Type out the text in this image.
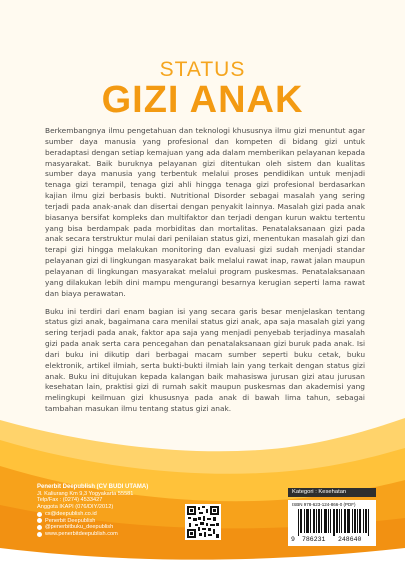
STATUS
GIZI ANAK

Berkembangnya ilmu pengetahuan dan teknologi khususnya ilmu gizi menuntut agar sumber daya manusia yang profesional dan kompeten di bidang gizi untuk beradaptasi dengan setiap kemajuan yang ada dalam memberikan pelayanan kepada masyarakat. Baik buruknya pelayanan gizi ditentukan oleh sistem dan kualitas sumber daya manusia yang terbentuk melalui proses pendidikan untuk menjadi tenaga gizi terampil, tenaga gizi ahli hingga tenaga gizi profesional berdasarkan kajian ilmu gizi berbasis bukti. Nutritional Disorder sebagai masalah yang sering terjadi pada anak-anak dan disertai dengan penyakit lainnya. Masalah gizi pada anak biasanya bersifat kompleks dan multifaktor dan terjadi dengan kurun waktu tertentu yang bisa berdampak pada morbiditas dan mortalitas. Penatalaksanaan gizi pada anak secara terstruktur mulai dari penilaian status gizi, menentukan masalah gizi dan terapi gizi hingga melakukan monitoring dan evaluasi gizi sudah menjadi standar pelayanan gizi di lingkungan masyarakat baik melalui rawat inap, rawat jalan maupun pelayanan di lingkungan masyarakat melalui program puskesmas. Penatalaksanaan yang dilakukan lebih dini mampu mengurangi besarnya kerugian seperti lama rawat dan biaya perawatan.

Buku ini terdiri dari enam bagian isi yang secara garis besar menjelaskan tentang status gizi anak, bagaimana cara menilai status gizi anak, apa saja masalah gizi yang sering terjadi pada anak, faktor apa saja yang menjadi penyebab terjadinya masalah gizi pada anak serta cara pencegahan dan penatalaksanaan gizi buruk pada anak. Isi dari buku ini dikutip dari berbagai macam sumber seperti buku cetak, buku elektronik, artikel ilmiah, serta bukti-bukti ilmiah lain yang terkait dengan status gizi anak. Buku ini ditujukan kepada kalangan baik mahasiswa jurusan gizi atau jurusan kesehatan lain, praktisi gizi di rumah sakit maupun puskesmas dan akademisi yang melingkupi keilmuan gizi khususnya pada anak di bawah lima tahun, sebagai tambahan masukan ilmu tentang status gizi anak.

Penerbit Deepublish (CV BUDI UTAMA)
Jl. Kaliurang Km 9,3 Yogyakarta 55581
Telp/Fax : (0274) 4533427
Anggota IKAPI (076/DIY/2012)
cs@deepublish.co.id
Penerbit Deepublish
@penerbitbuku_deepublish
www.penerbitdeepublish.com
Kategori : Kesehatan
ISBN 978-623-124-866-0 (PDF)
9 786231 248640
